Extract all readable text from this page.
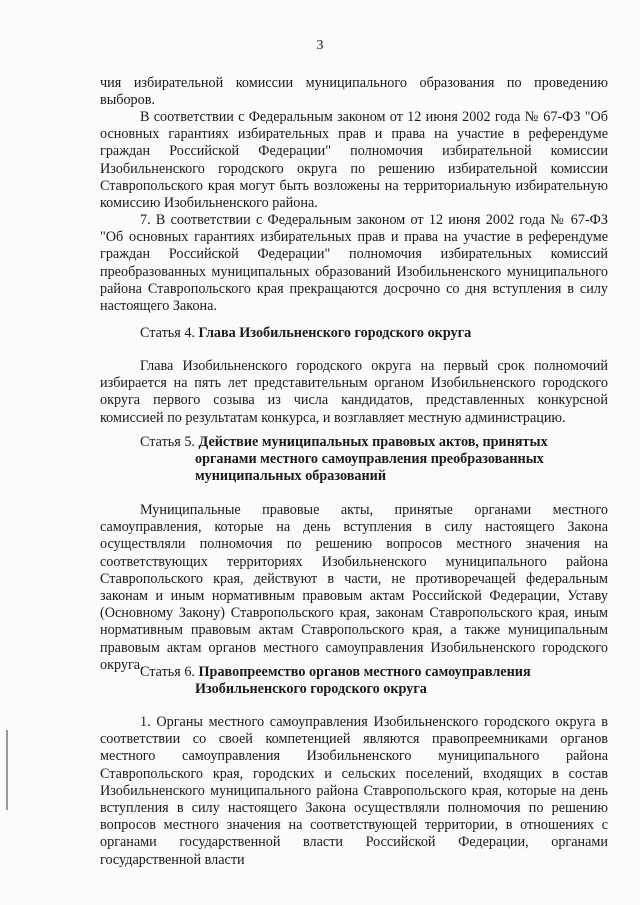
3
чия избирательной комиссии муниципального образования по проведению выборов.
В соответствии с Федеральным законом от 12 июня 2002 года № 67-ФЗ "Об основных гарантиях избирательных прав и права на участие в референдуме граждан Российской Федерации" полномочия избирательной комиссии Изобильненского городского округа по решению избирательной комиссии Ставропольского края могут быть возложены на территориальную избирательную комиссию Изобильненского района.
7. В соответствии с Федеральным законом от 12 июня 2002 года № 67-ФЗ "Об основных гарантиях избирательных прав и права на участие в референдуме граждан Российской Федерации" полномочия избирательных комиссий преобразованных муниципальных образований Изобильненского муниципального района Ставропольского края прекращаются досрочно со дня вступления в силу настоящего Закона.
Статья 4. Глава Изобильненского городского округа
Глава Изобильненского городского округа на первый срок полномочий избирается на пять лет представительным органом Изобильненского городского округа первого созыва из числа кандидатов, представленных конкурсной комиссией по результатам конкурса, и возглавляет местную администрацию.
Статья 5. Действие муниципальных правовых актов, принятых
органами местного самоуправления преобразованных
муниципальных образований
Муниципальные правовые акты, принятые органами местного самоуправления, которые на день вступления в силу настоящего Закона осуществляли полномочия по решению вопросов местного значения на соответствующих территориях Изобильненского муниципального района Ставропольского края, действуют в части, не противоречащей федеральным законам и иным нормативным правовым актам Российской Федерации, Уставу (Основному Закону) Ставропольского края, законам Ставропольского края, иным нормативным правовым актам Ставропольского края, а также муниципальным правовым актам органов местного самоуправления Изобильненского городского округа.
Статья 6. Правопреемство органов местного самоуправления
Изобильненского городского округа
1. Органы местного самоуправления Изобильненского городского округа в соответствии со своей компетенцией являются правопреемниками органов местного самоуправления Изобильненского муниципального района Ставропольского края, городских и сельских поселений, входящих в состав Изобильненского муниципального района Ставропольского края, которые на день вступления в силу настоящего Закона осуществляли полномочия по решению вопросов местного значения на соответствующей территории, в отношениях с органами государственной власти Российской Федерации, органами государственной власти
